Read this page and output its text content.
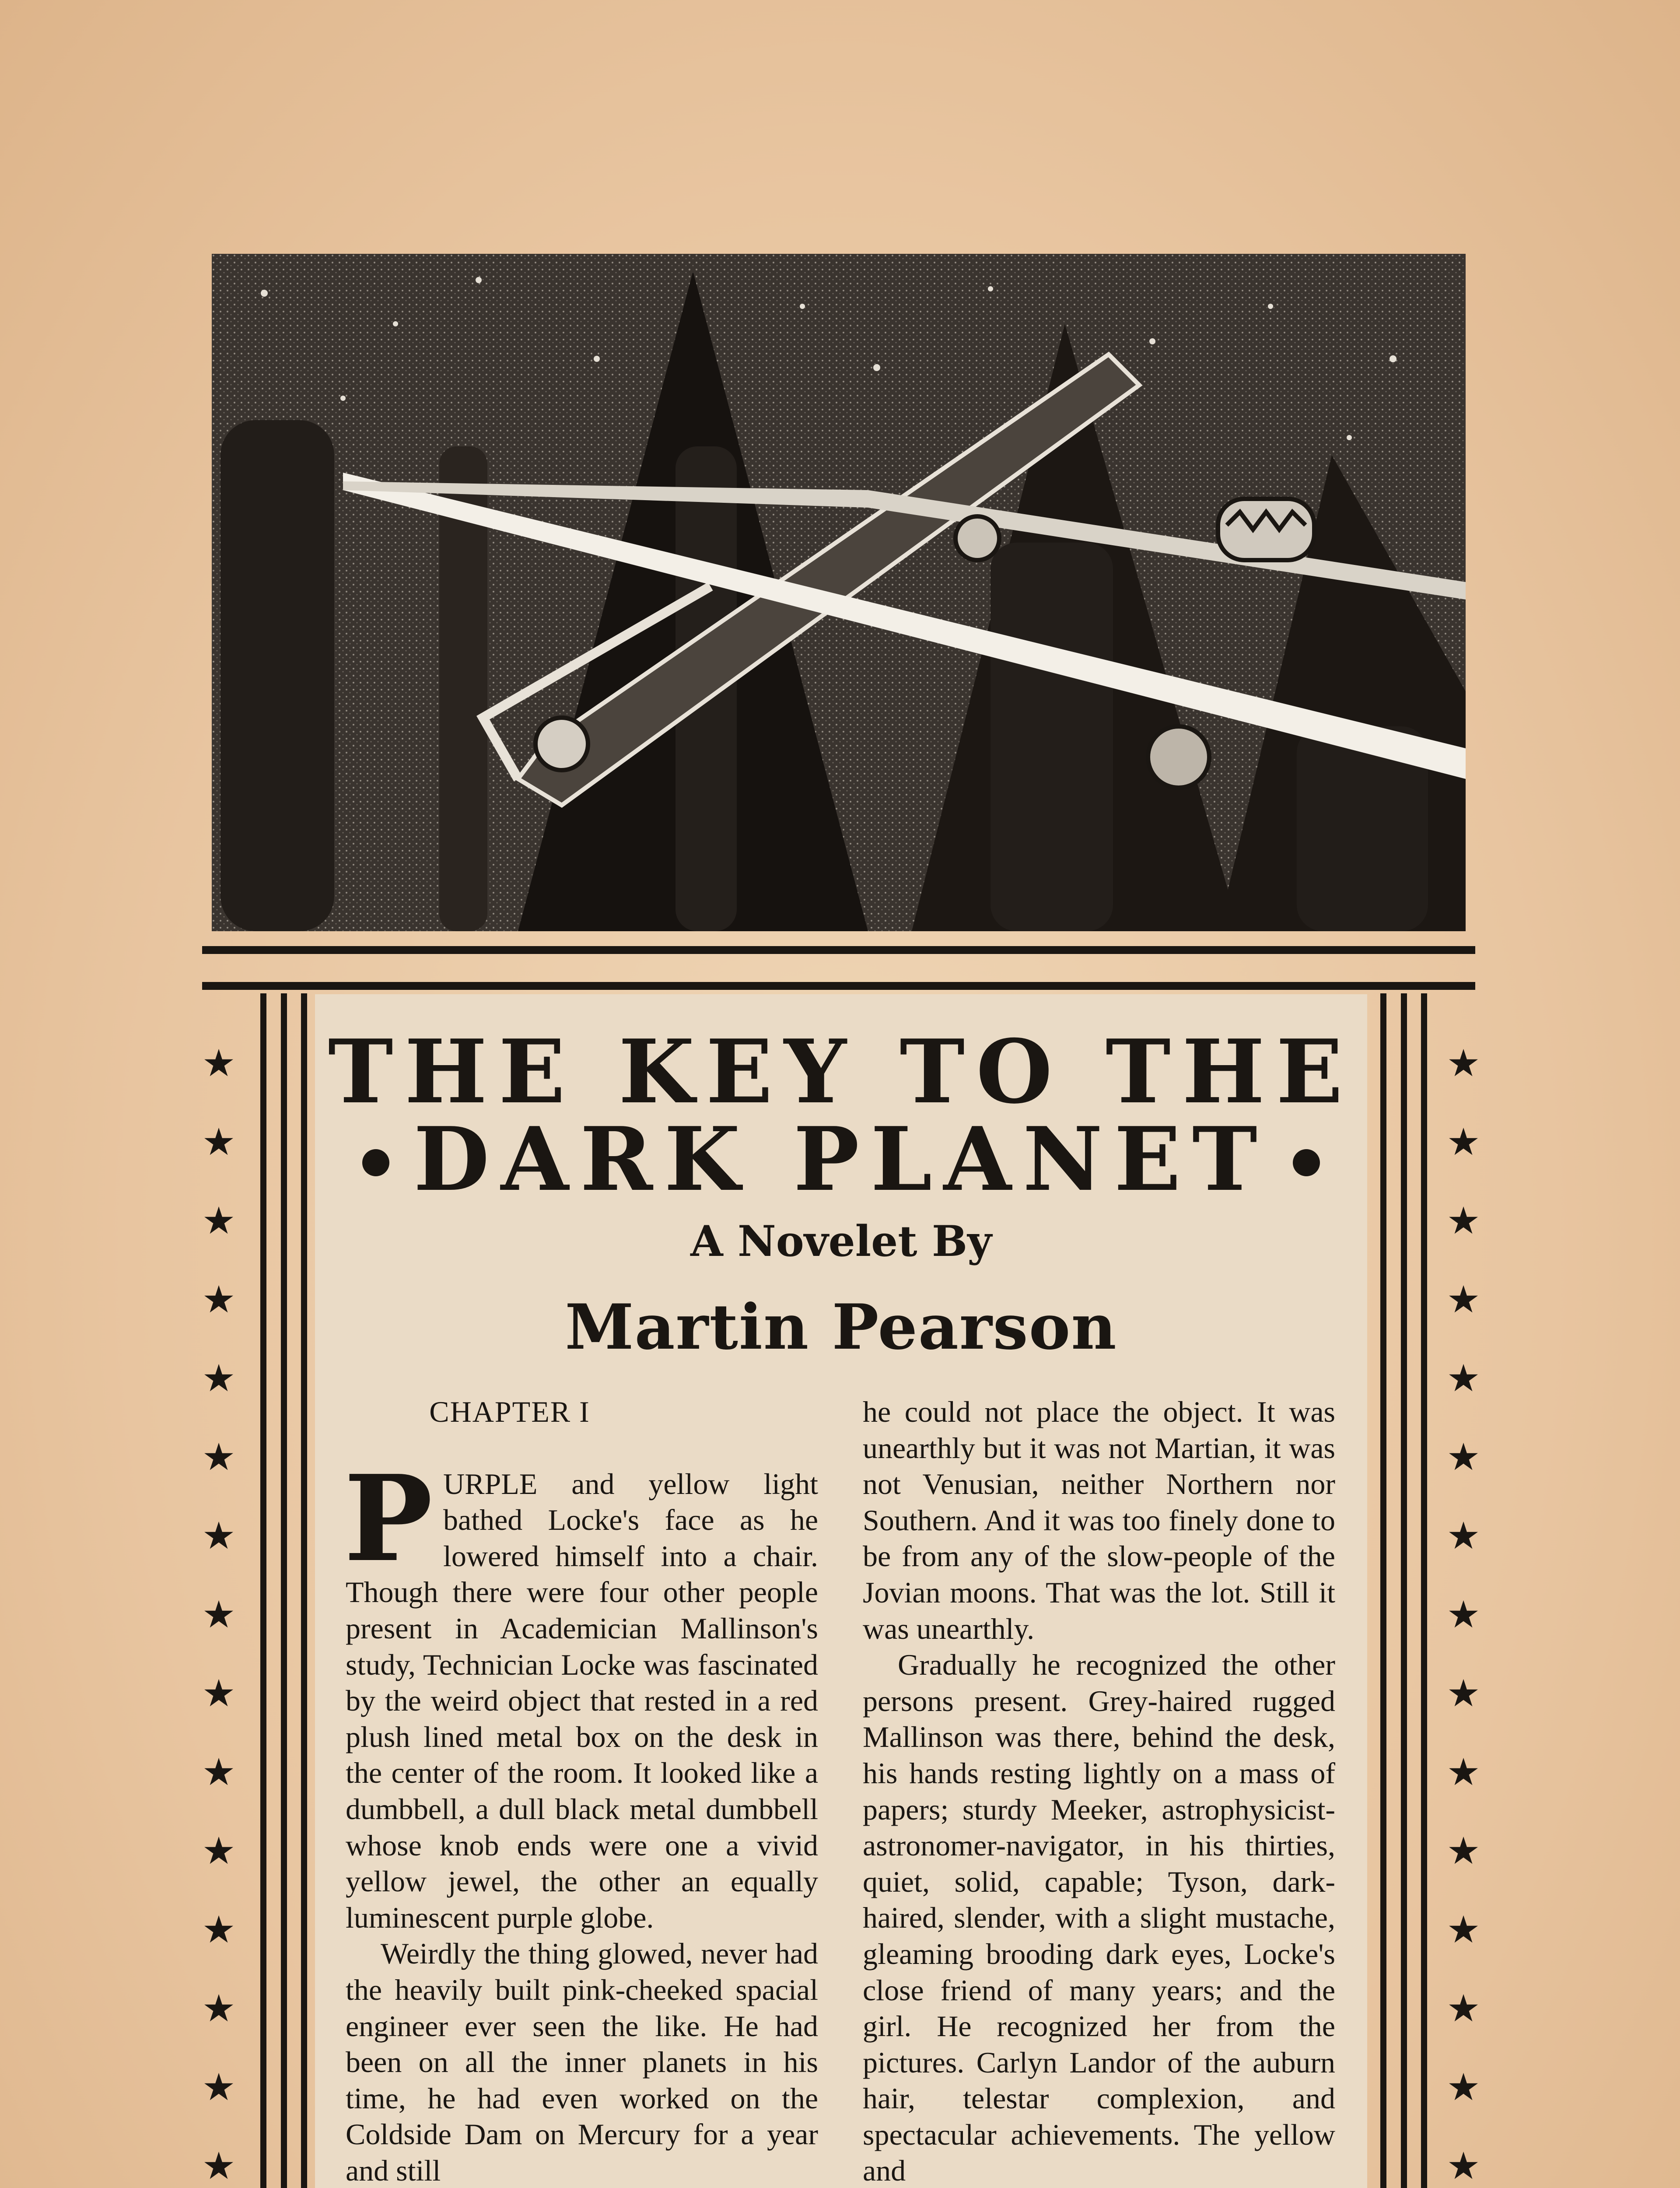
★
★
★
★
★
★
★
★
★
★
★
★
★
★
★
★
★
★
★
★
★
★
★
★
★
★
★
★
★
★
THE KEY TO THE
DARK PLANET
A Novelet By
Martin Pearson
CHAPTER I

PURPLE and yellow light bathed Locke's face as he lowered himself into a chair. Though there were four other people present in Academician Mallinson's study, Technician Locke was fascinated by the weird object that rested in a red plush lined metal box on the desk in the center of the room. It looked like a dumbbell, a dull black metal dumbbell whose knob ends were one a vivid yellow jewel, the other an equally luminescent purple globe.

Weirdly the thing glowed, never had the heavily built pink-cheeked spacial engineer ever seen the like. He had been on all the inner planets in his time, he had even worked on the Coldside Dam on Mercury for a year and still

he could not place the object. It was unearthly but it was not Martian, it was not Venusian, neither Northern nor Southern. And it was too finely done to be from any of the slow-people of the Jovian moons. That was the lot. Still it was unearthly.

Gradually he recognized the other persons present. Grey-haired rugged Mallinson was there, behind the desk, his hands resting lightly on a mass of papers; sturdy Meeker, astrophysicist-astronomer-navigator, in his thirties, quiet, solid, capable; Tyson, dark-haired, slender, with a slight mustache, gleaming brooding dark eyes, Locke's close friend of many years; and the girl. He recognized her from the pictures. Carlyn Landor of the auburn hair, telestar complexion, and spectacular achievements. The yellow and
